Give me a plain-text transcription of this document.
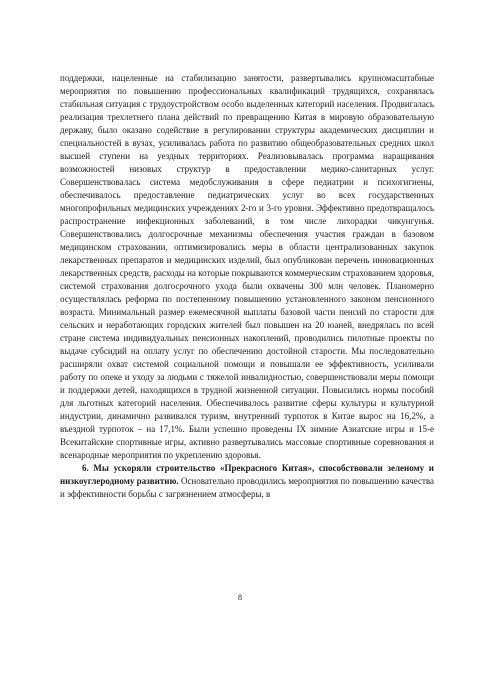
поддержки, нацеленные на стабилизацию занятости, развертывались крупномасштабные мероприятия по повышению профессиональных квалификаций трудящихся, сохранялась стабильная ситуация с трудоустройством особо выделенных категорий населения. Продвигалась реализация трехлетнего плана действий по превращению Китая в мировую образовательную державу, было оказано содействие в регулировании структуры академических дисциплин и специальностей в вузах, усиливалась работа по развитию общеобразовательных средних школ высшей ступени на уездных территориях. Реализовывалась программа наращивания возможностей низовых структур в предоставлении медико-санитарных услуг. Совершенствовалась система медобслуживания в сфере педиатрии и психогигиены, обеспечивалось предоставление педиатрических услуг во всех государственных многопрофильных медицинских учреждениях 2-го и 3-го уровня. Эффективно предотвращалось распространение инфекционных заболеваний, в том числе лихорадки чикунгунья. Совершенствовались долгосрочные механизмы обеспечения участия граждан в базовом медицинском страховании, оптимизировались меры в области централизованных закупок лекарственных препаратов и медицинских изделий, был опубликован перечень инновационных лекарственных средств, расходы на которые покрываются коммерческим страхованием здоровья, системой страхования долгосрочного ухода были охвачены 300 млн человек. Планомерно осуществлялась реформа по постепенному повышению установленного законом пенсионного возраста. Минимальный размер ежемесячной выплаты базовой части пенсий по старости для сельских и неработающих городских жителей был повышен на 20 юаней, внедрялась по всей стране система индивидуальных пенсионных накоплений, проводились пилотные проекты по выдаче субсидий на оплату услуг по обеспечению достойной старости. Мы последовательно расширяли охват системой социальной помощи и повышали ее эффективность, усиливали работу по опеке и уходу за людьми с тяжелой инвалидностью, совершенствовали меры помощи и поддержки детей, находящихся в трудной жизненной ситуации. Повысились нормы пособий для льготных категорий населения. Обеспечивалось развитие сферы культуры и культурной индустрии, динамично развивался туризм, внутренний турпоток в Китае вырос на 16,2%, а въездной турпоток – на 17,1%. Были успешно проведены IX зимние Азиатские игры и 15-е Всекитайские спортивные игры, активно развертывались массовые спортивные соревнования и всенародные мероприятия по укреплению здоровья.

6. Мы ускоряли строительство «Прекрасного Китая», способствовали зеленому и низкоуглеродному развитию. Основательно проводились мероприятия по повышению качества и эффективности борьбы с загрязнением атмосферы, в

8
